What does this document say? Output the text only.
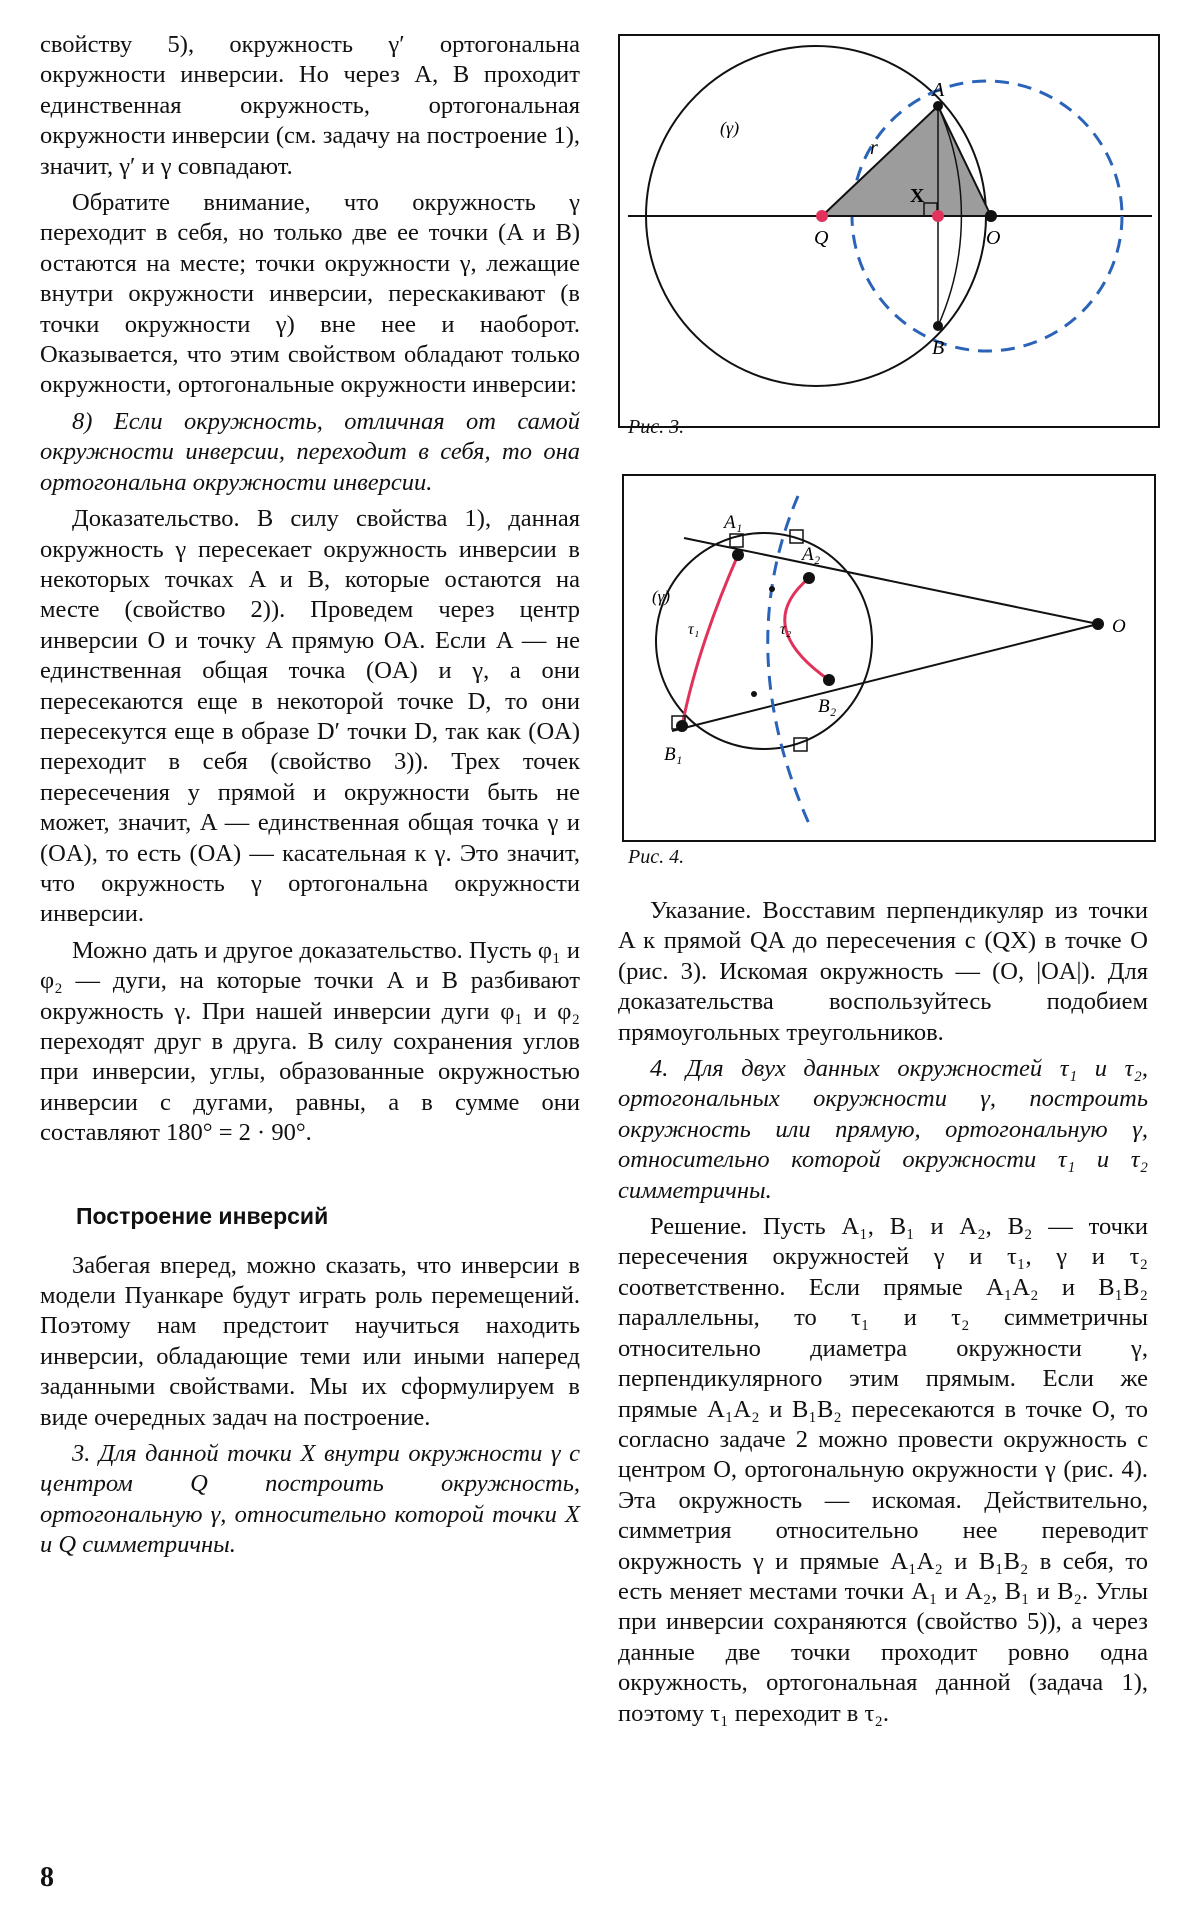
свойству 5), окружность γ′ ортогональна окружности инверсии. Но через A, B проходит единственная окружность, ортогональная окружности инверсии (см. задачу на построение 1), значит, γ′ и γ совпадают.

Обратите внимание, что окружность γ переходит в себя, но только две ее точки (A и B) остаются на месте; точки окружности γ, лежащие внутри окружности инверсии, перескакивают (в точки окружности γ) вне нее и наоборот. Оказывается, что этим свойством обладают только окружности, ортогональные окружности инверсии:

8) Если окружность, отличная от самой окружности инверсии, переходит в себя, то она ортогональна окружности инверсии.

Доказательство. В силу свойства 1), данная окружность γ пересекает окружность инверсии в некоторых точках A и B, которые остаются на месте (свойство 2)). Проведем через центр инверсии O и точку A прямую OA. Если A — не единственная общая точка (OA) и γ, а они пересекаются еще в некоторой точке D, то они пересекутся еще в образе D′ точки D, так как (OA) переходит в себя (свойство 3)). Трех точек пересечения у прямой и окружности быть не может, значит, A — единственная общая точка γ и (OA), то есть (OA) — касательная к γ. Это значит, что окружность γ ортогональна окружности инверсии.

Можно дать и другое доказательство. Пусть φ₁ и φ₂ — дуги, на которые точки A и B разбивают окружность γ. При нашей инверсии дуги φ₁ и φ₂ переходят друг в друга. В силу сохранения углов при инверсии, углы, образованные окружностью инверсии с дугами, равны, а в сумме они составляют 180° = 2 · 90°.

Построение инверсий

Забегая вперед, можно сказать, что инверсии в модели Пуанкаре будут играть роль перемещений. Поэтому нам предстоит научиться находить инверсии, обладающие теми или иными наперед заданными свойствами. Мы их сформулируем в виде очередных задач на построение.

3. Для данной точки X внутри окружности γ с центром Q построить окружность, ортогональную γ, относительно которой точки X и Q симметричны.

(γ)
A
r
X
Q	O
B
Рис. 3.
A₁
A₂
(γ)
τ₁	τ₂
B₂
B₁
O
Рис. 4.

Указание. Восставим перпендикуляр из точки A к прямой QA до пересечения с (QX) в точке O (рис. 3). Искомая окружность — (O, |OA|). Для доказательства воспользуйтесь подобием прямоугольных треугольников.

4. Для двух данных окружностей τ₁ и τ₂, ортогональных окружности γ, построить окружность или прямую, ортогональную γ, относительно которой окружности τ₁ и τ₂ симметричны.

Решение. Пусть A₁, B₁ и A₂, B₂ — точки пересечения окружностей γ и τ₁, γ и τ₂ соответственно. Если прямые A₁A₂ и B₁B₂ параллельны, то τ₁ и τ₂ симметричны относительно диаметра окружности γ, перпендикулярного этим прямым. Если же прямые A₁A₂ и B₁B₂ пересекаются в точке O, то согласно задаче 2 можно провести окружность с центром O, ортогональную окружности γ (рис. 4). Эта окружность — искомая. Действительно, симметрия относительно нее переводит окружность γ и прямые A₁A₂ и B₁B₂ в себя, то есть меняет местами точки A₁ и A₂, B₁ и B₂. Углы при инверсии сохраняются (свойство 5)), а через данные две точки проходит ровно одна окружность, ортогональная данной (задача 1), поэтому τ₁ переходит в τ₂.

8
